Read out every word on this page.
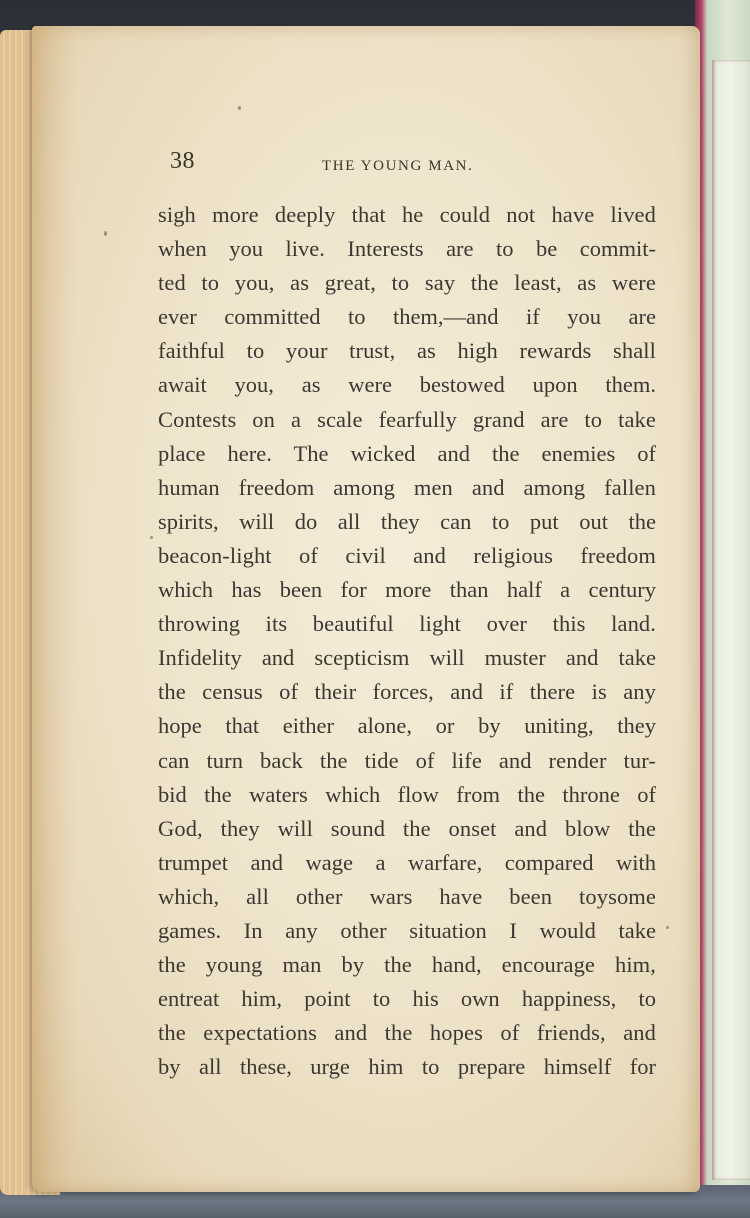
38	THE YOUNG MAN.
sigh more deeply that he could not have lived
when you live. Interests are to be commit-
ted to you, as great, to say the least, as were
ever committed to them,—and if you are
faithful to your trust, as high rewards shall
await you, as were bestowed upon them.
Contests on a scale fearfully grand are to take
place here. The wicked and the enemies of
human freedom among men and among fallen
spirits, will do all they can to put out the
beacon-light of civil and religious freedom
which has been for more than half a century
throwing its beautiful light over this land.
Infidelity and scepticism will muster and take
the census of their forces, and if there is any
hope that either alone, or by uniting, they
can turn back the tide of life and render tur-
bid the waters which flow from the throne of
God, they will sound the onset and blow the
trumpet and wage a warfare, compared with
which, all other wars have been toysome
games. In any other situation I would take
the young man by the hand, encourage him,
entreat him, point to his own happiness, to
the expectations and the hopes of friends, and
by all these, urge him to prepare himself for
